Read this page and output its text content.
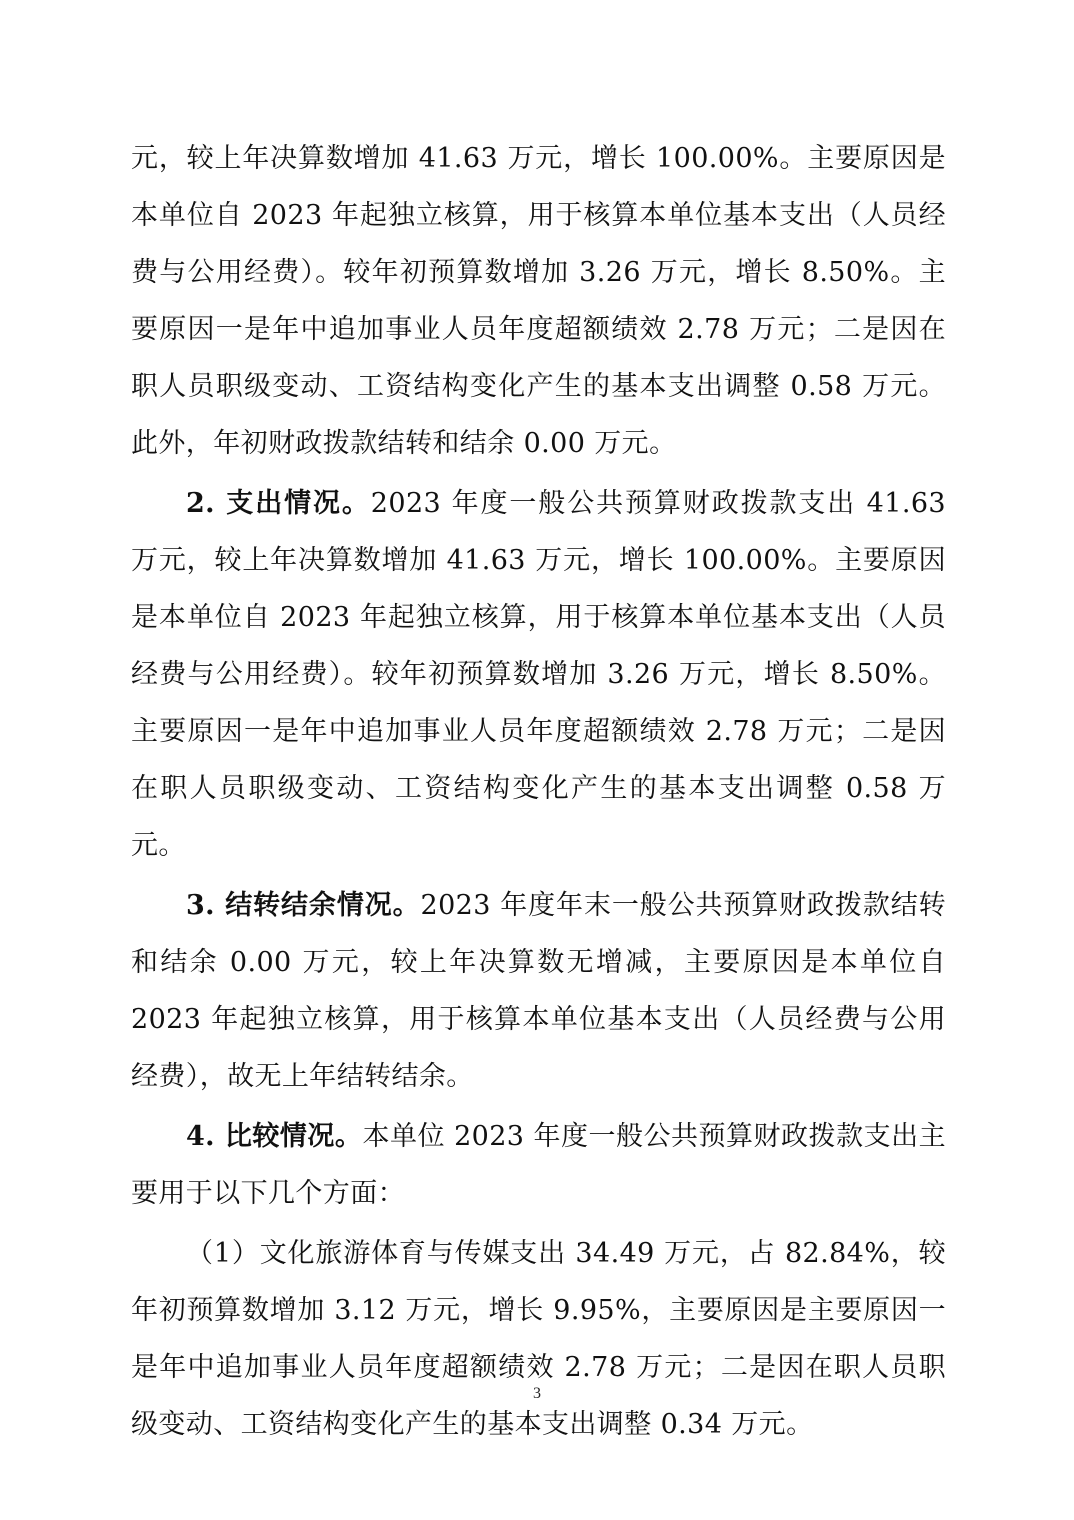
元，较上年决算数增加 41.63 万元，增长 100.00%。主要原因是本单位自 2023 年起独立核算，用于核算本单位基本支出（人员经费与公用经费）。较年初预算数增加 3.26 万元，增长 8.50%。主要原因一是年中追加事业人员年度超额绩效 2.78 万元；二是因在职人员职级变动、工资结构变化产生的基本支出调整 0.58 万元。此外，年初财政拨款结转和结余 0.00 万元。

2. 支出情况。2023 年度一般公共预算财政拨款支出 41.63 万元，较上年决算数增加 41.63 万元，增长 100.00%。主要原因是本单位自 2023 年起独立核算，用于核算本单位基本支出（人员经费与公用经费）。较年初预算数增加 3.26 万元，增长 8.50%。主要原因一是年中追加事业人员年度超额绩效 2.78 万元；二是因在职人员职级变动、工资结构变化产生的基本支出调整 0.58 万元。

3. 结转结余情况。2023 年度年末一般公共预算财政拨款结转和结余 0.00 万元，较上年决算数无增减，主要原因是本单位自 2023 年起独立核算，用于核算本单位基本支出（人员经费与公用经费），故无上年结转结余。

4. 比较情况。本单位 2023 年度一般公共预算财政拨款支出主要用于以下几个方面：

（1）文化旅游体育与传媒支出 34.49 万元，占 82.84%，较年初预算数增加 3.12 万元，增长 9.95%，主要原因是主要原因一是年中追加事业人员年度超额绩效 2.78 万元；二是因在职人员职级变动、工资结构变化产生的基本支出调整 0.34 万元。

3
